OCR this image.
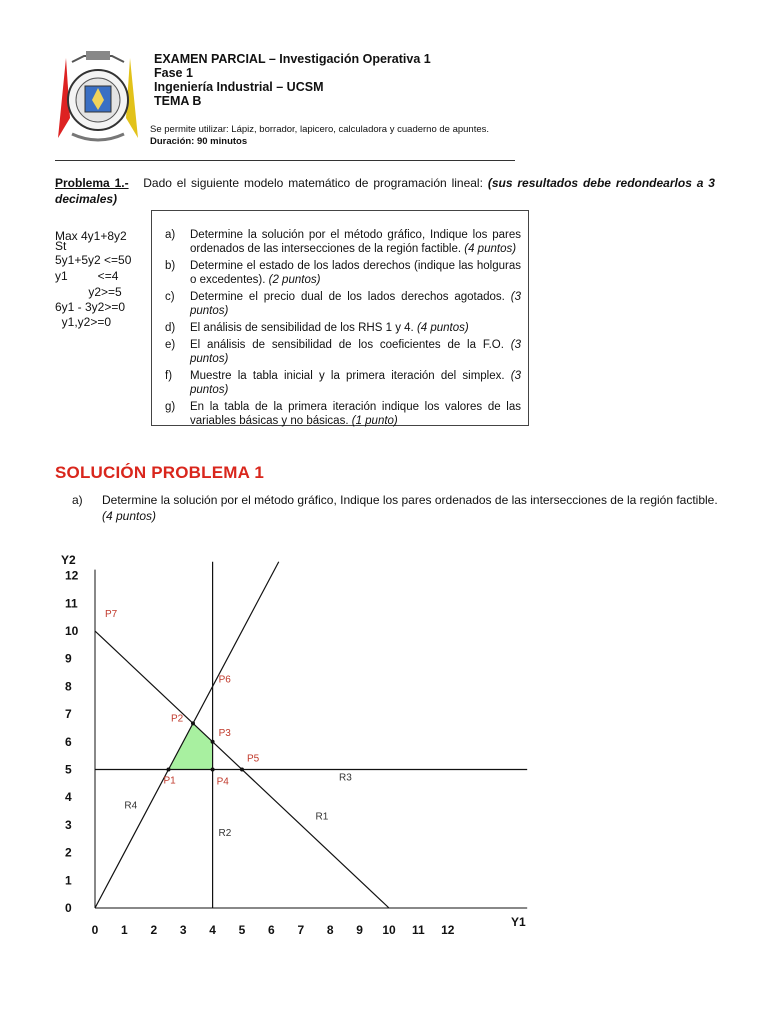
EXAMEN PARCIAL – Investigación Operativa 1
Fase 1
Ingeniería Industrial – UCSM
TEMA B
Se permite utilizar: Lápiz, borrador, lapicero, calculadora y cuaderno de apuntes.
Duración: 90 minutos
Problema 1.- Dado el siguiente modelo matemático de programación lineal: (sus resultados debe redondearlos a 3 decimales)
Max 4y1+8y2
St
5y1+5y2 <=50
y1         <=4
y2>=5
6y1 - 3y2>=0
y1,y2>=0
a)	Determine la solución por el método gráfico, Indique los pares ordenados de las intersecciones de la región factible. (4 puntos)
b)	Determine el estado de los lados derechos (indique las holguras o excedentes). (2 puntos)
c)	Determine el precio dual de los lados derechos agotados. (3 puntos)
d)	El análisis de sensibilidad de los RHS 1 y 4. (4 puntos)
e)	El análisis de sensibilidad de los coeficientes de la F.O. (3 puntos)
f)	Muestre la tabla inicial y la primera iteración del simplex. (3 puntos)
g)	En la tabla de la primera iteración indique los valores de las variables básicas y no básicas. (1 punto)
SOLUCIÓN PROBLEMA 1
a)	Determine la solución por el método gráfico, Indique los pares ordenados de las intersecciones de la región factible. (4 puntos)
0 1 2 3 4 5 6 7 8 9 10 11 12
0
1
2
3
4
5
6
7
8
9
10
11
12
Y1
Y2
P1
P2
P3
P4
P5
P6
P7
R1
R2
R3
R4
